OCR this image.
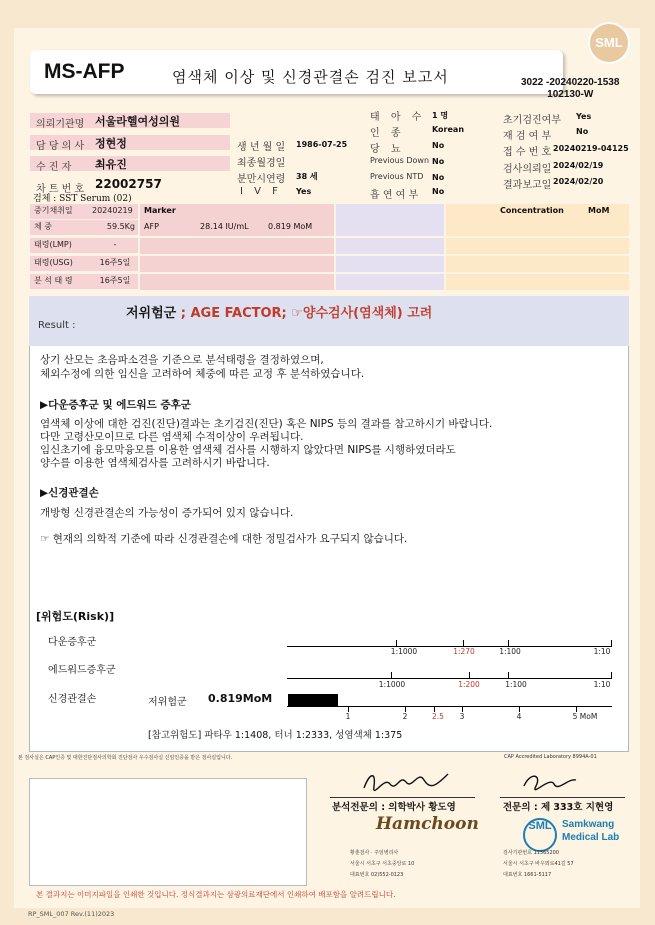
SML
MS-AFP	염색체 이상 및 신경관결손 검진 보고서	3022 -20240220-1538
102130-W
의뢰기관명 서울라헬여성의원
담 당 의 사 정현정
수 진 자 최유진
차 트 번 호 22002757
검체 : SST Serum (02)
생 년 월 일 1986-07-25
최종월경일
분만시연령 38 세
I V F Yes
태 아 수 1 명
인 종	Korean
당 뇨	No
Previous Down No
Previous NTD No
흡 연 여 부 No
초기검진여부 Yes
재 검 여 부	No
접 수 번 호 20240219-04125
검사의뢰일 2024/02/19
결과보고일 2024/02/20
중기채취일	20240219
체 중	59.5Kg
태령(LMP)	-
태령(USG)	16주5일
분 석 태 령	16주5일
Marker
AFP	28.14 IU/mL 0.819 MoM
Concentration	MoM
Result :
저위험군 ; AGE FACTOR; ☞양수검사(염색체) 고려
상기 산모는 초음파소견을 기준으로 분석태령을 결정하였으며,
체외수정에 의한 임신을 고려하여 체중에 따른 교정 후 분석하였습니다.
▶다운증후군 및 에드워드 증후군
염색체 이상에 대한 검진(진단)결과는 초기검진(진단) 혹은 NIPS 등의 결과를 참고하시기 바랍니다.
다만 고령산모이므로 다른 염색체 수적이상이 우려됩니다.
임신초기에 융모막융모를 이용한 염색체 검사를 시행하지 않았다면 NIPS를 시행하였더라도
양수를 이용한 염색체검사를 고려하시기 바랍니다.
▶신경관결손
개방형 신경관결손의 가능성이 증가되어 있지 않습니다.
☞ 현재의 의학적 기준에 따라 신경관결손에 대한 정밀검사가 요구되지 않습니다.
[위험도(Risk)]
다운증후군
1:1000	1:270	1:100	1:10
에드워드증후군
1:1000	1:200	1:100	1:10
신경관결손	저위험군 0.819MoM
1	2	2.5 3	4	5 MoM
[참고위험도] 파타우 1:1408, 터너 1:2333, 성염색체 1:375
본 검사실은 CAP인증 및 대한진단검사의학회 진단검사 우수검사실 신임인증을 받은 검사실입니다.	CAP Accredited Laboratory 8994A-01
분석전문의 : 의학박사 황도영	전문의 : 제 333호 지현영
Hamchoon
황춘검사 · 주임병리사
서울시 서초구 서초중앙로 10
대표번호 02)552-0123
SML	Samkwang
Medical Lab
검사기관번호 11365200
서울시 서초구 바우뫼로41길 57
대표번호 1661-5117
본 결과지는 이미지파일을 인쇄한 것입니다. 정식결과지는 삼광의료재단에서 인쇄하여 배포함을 알려드립니다.
RP_SML_007 Rev.(11)2023
